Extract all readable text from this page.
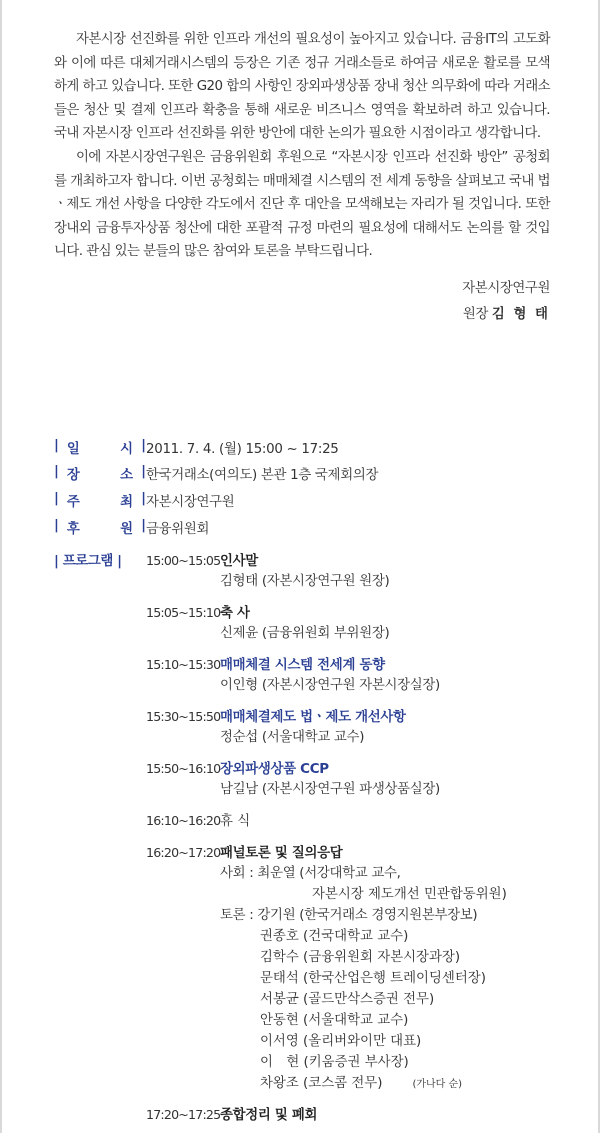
자본시장 선진화를 위한 인프라 개선의 필요성이 높아지고 있습니다. 금융IT의 고도화와 이에 따른 대체거래시스템의 등장은 기존 정규 거래소들로 하여금 새로운 활로를 모색하게 하고 있습니다. 또한 G20 합의 사항인 장외파생상품 장내 청산 의무화에 따라 거래소들은 청산 및 결제 인프라 확충을 통해 새로운 비즈니스 영역을 확보하려 하고 있습니다. 국내 자본시장 인프라 선진화를 위한 방안에 대한 논의가 필요한 시점이라고 생각합니다.

이에 자본시장연구원은 금융위원회 후원으로 “자본시장 인프라 선진화 방안” 공청회를 개최하고자 합니다. 이번 공청회는 매매체결 시스템의 전 세계 동향을 살펴보고 국내 법ㆍ제도 개선 사항을 다양한 각도에서 진단 후 대안을 모색해보는 자리가 될 것입니다. 또한 장내외 금융투자상품 청산에 대한 포괄적 규정 마련의 필요성에 대해서도 논의를 할 것입니다. 관심 있는 분들의 많은 참여와 토론을 부탁드립니다.

자본시장연구원
원장 김 형 태
| 일	시 | 2011. 7. 4. (월) 15:00 ~ 17:25
| 장	소 | 한국거래소(여의도) 본관 1층 국제회의장
| 주	최 | 자본시장연구원
| 후	원 | 금융위원회
| 프로그램 | 15:00~15:05인사말
김형태 (자본시장연구원 원장)
15:05~15:10축 사
신제윤 (금융위원회 부위원장)
15:10~15:30매매체결 시스템 전세계 동향
이인형 (자본시장연구원 자본시장실장)
15:30~15:50매매체결제도 법ㆍ제도 개선사항
정순섭 (서울대학교 교수)
15:50~16:10장외파생상품 CCP
남길남 (자본시장연구원 파생상품실장)
16:10~16:20휴 식
16:20~17:20패널토론 및 질의응답
사회 : 최운열 (서강대학교 교수,
자본시장 제도개선 민관합동위원)
토론 : 강기원 (한국거래소 경영지원본부장보)
권종호 (건국대학교 교수)
김학수 (금융위원회 자본시장과장)
문태석 (한국산업은행 트레이딩센터장)
서봉균 (골드만삭스증권 전무)
안동현 (서울대학교 교수)
이서영 (올리버와이만 대표)
이　현 (키움증권 부사장)
차왕조 (코스콤 전무)	(가나다 순)
17:20~17:25종합정리 및 폐회
